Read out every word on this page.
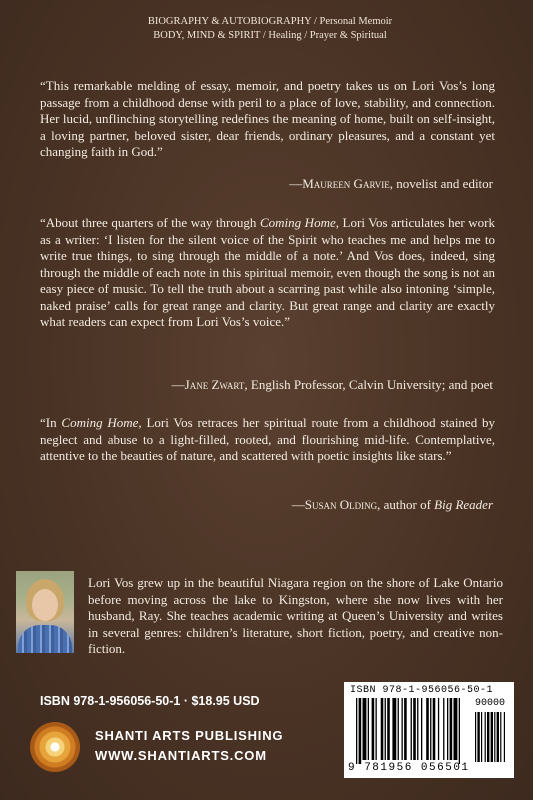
BIOGRAPHY & AUTOBIOGRAPHY / Personal Memoir
BODY, MIND & SPIRIT / Healing / Prayer & Spiritual
“This remarkable melding of essay, memoir, and poetry takes us on Lori Vos’s long passage from a childhood dense with peril to a place of love, stability, and connection. Her lucid, unflinching storytelling redefines the meaning of home, built on self-insight, a loving partner, beloved sister, dear friends, ordinary pleasures, and a constant yet changing faith in God.”
—Maureen Garvie, novelist and editor
“About three quarters of the way through Coming Home, Lori Vos articulates her work as a writer: ‘I listen for the silent voice of the Spirit who teaches me and helps me to write true things, to sing through the middle of a note.’ And Vos does, indeed, sing through the middle of each note in this spiritual memoir, even though the song is not an easy piece of music. To tell the truth about a scarring past while also intoning ‘simple, naked praise’ calls for great range and clarity. But great range and clarity are exactly what readers can expect from Lori Vos’s voice.”
—Jane Zwart, English Professor, Calvin University; and poet
“In Coming Home, Lori Vos retraces her spiritual route from a childhood stained by neglect and abuse to a light-filled, rooted, and flourishing mid-life. Contemplative, attentive to the beauties of nature, and scattered with poetic insights like stars.”
—Susan Olding, author of Big Reader
Lori Vos grew up in the beautiful Niagara region on the shore of Lake Ontario before moving across the lake to Kingston, where she now lives with her husband, Ray. She teaches academic writing at Queen’s University and writes in several genres: children’s literature, short fiction, poetry, and creative non-fiction.
ISBN 978-1-956056-50-1 · $18.95 USD
SHANTI ARTS PUBLISHING
WWW.SHANTIARTS.COM
ISBN 978-1-956056-50-1
9 781956 056501
90000
